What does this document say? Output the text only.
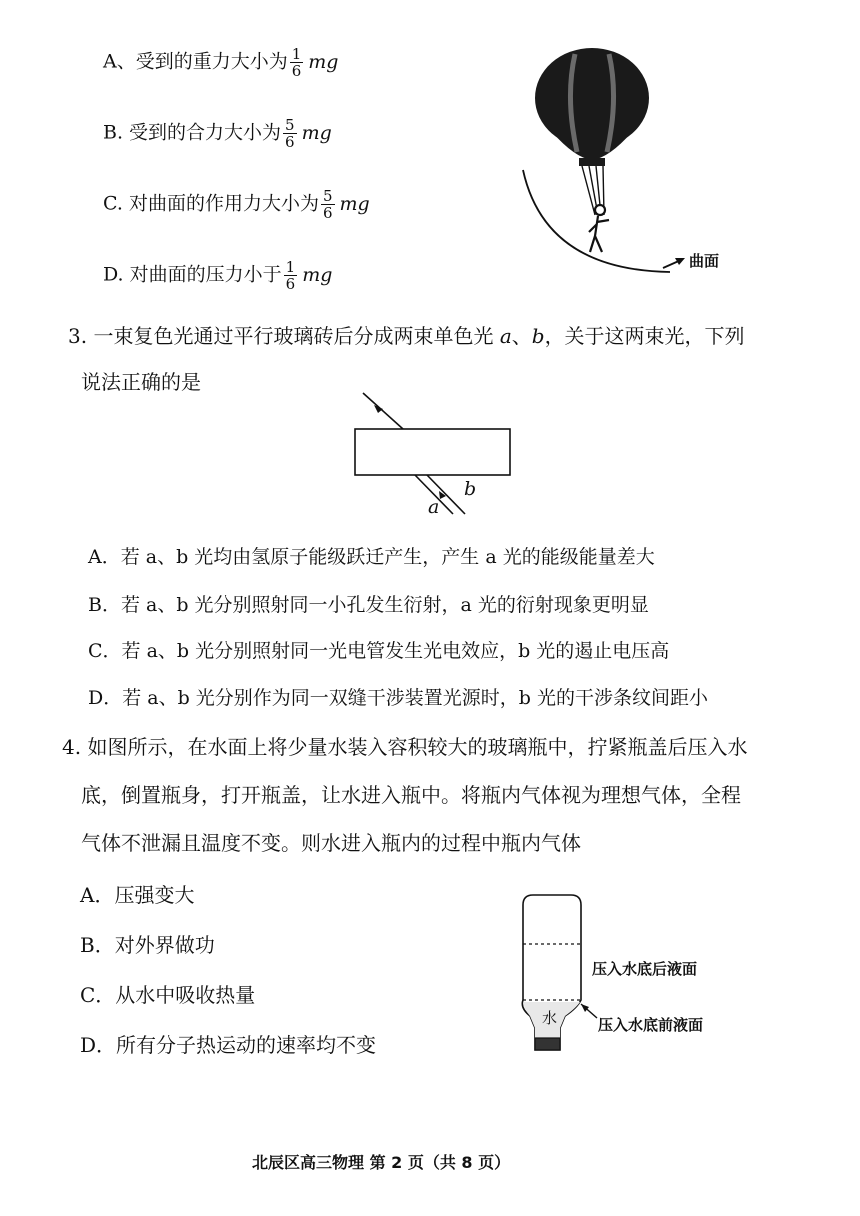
A、受到的重力大小为 $\frac{1}{6}$ mg
B. 受到的合力大小为 $\frac{5}{6}$ mg
C. 对曲面的作用力大小为 $\frac{5}{6}$ mg
D. 对曲面的压力小于 $\frac{1}{6}$ mg
曲面
3. 一束复色光通过平行玻璃砖后分成两束单色光 a、b，关于这两束光，下列
说法正确的是
b
a
A．若 a、b 光均由氢原子能级跃迁产生，产生 a 光的能级能量差大
B．若 a、b 光分别照射同一小孔发生衍射，a 光的衍射现象更明显
C．若 a、b 光分别照射同一光电管发生光电效应，b 光的遏止电压高
D．若 a、b 光分别作为同一双缝干涉装置光源时，b 光的干涉条纹间距小
4. 如图所示，在水面上将少量水装入容积较大的玻璃瓶中，拧紧瓶盖后压入水
底，倒置瓶身，打开瓶盖，让水进入瓶中。将瓶内气体视为理想气体，全程
气体不泄漏且温度不变。则水进入瓶内的过程中瓶内气体
A．压强变大
B．对外界做功
C．从水中吸收热量
D．所有分子热运动的速率均不变
水
压入水底后液面
压入水底前液面
北辰区高三物理 第 2 页（共 8 页）
